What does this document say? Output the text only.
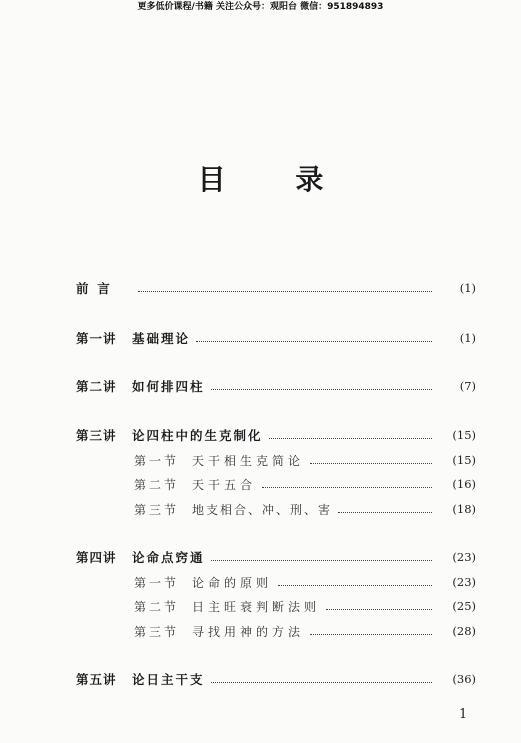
更多低价课程/书籍 关注公众号：观阳台 微信：951894893
目 录
前  言	(1)
第一讲	基础理论	(1)
第二讲	如何排四柱	(7)
第三讲	论四柱中的生克制化	(15)
第一节	天干相生克简论	(15)
第二节	天干五合	(16)
第三节	地支相合、冲、刑、害	(18)
第四讲	论命点窍通	(23)
第一节	论命的原则	(23)
第二节	日主旺衰判断法则	(25)
第三节	寻找用神的方法	(28)
第五讲	论日主干支	(36)
1
